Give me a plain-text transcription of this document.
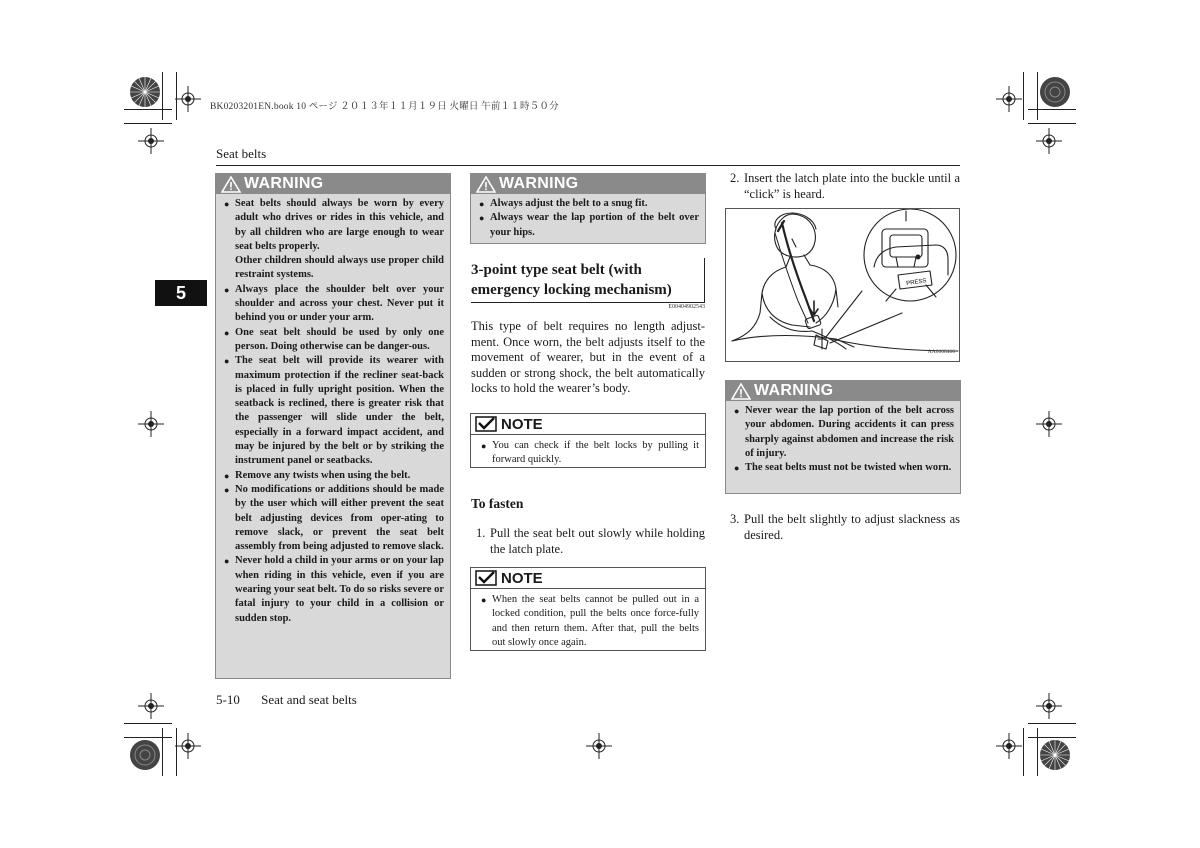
BK0203201EN.book 10 ページ ２０１３年１１月１９日 火曜日 午前１１時５０分
Seat belts
5
WARNING
● Seat belts should always be worn by every adult who drives or rides in this vehicle, and by all children who are large enough to wear seat belts properly.
Other children should always use proper child restraint systems.
● Always place the shoulder belt over your shoulder and across your chest. Never put it behind you or under your arm.
● One seat belt should be used by only one person. Doing otherwise can be danger-ous.
● The seat belt will provide its wearer with maximum protection if the recliner seat-back is placed in fully upright position. When the seatback is reclined, there is greater risk that the passenger will slide under the belt, especially in a forward impact accident, and may be injured by the belt or by striking the instrument panel or seatbacks.
● Remove any twists when using the belt.
● No modifications or additions should be made by the user which will either prevent the seat belt adjusting devices from oper-ating to remove slack, or prevent the seat belt assembly from being adjusted to remove slack.
● Never hold a child in your arms or on your lap when riding in this vehicle, even if you are wearing your seat belt. To do so risks severe or fatal injury to your child in a collision or sudden stop.
WARNING
● Always adjust the belt to a snug fit.
● Always wear the lap portion of the belt over your hips.
3-point type seat belt (with
emergency locking mechanism)
E00404902543
This type of belt requires no length adjust-ment. Once worn, the belt adjusts itself to the movement of wearer, but in the event of a sudden or strong shock, the belt automatically locks to hold the wearer’s body.
NOTE
● You can check if the belt locks by pulling it forward quickly.
To fasten
1. Pull the seat belt out slowly while holding the latch plate.
NOTE
● When the seat belts cannot be pulled out in a locked condition, pull the belts once force-fully and then return them. After that, pull the belts out slowly once again.
2. Insert the latch plate into the buckle until a “click” is heard.
PRESS
AA0008466
WARNING
● Never wear the lap portion of the belt across your abdomen. During accidents it can press sharply against abdomen and increase the risk of injury.
● The seat belts must not be twisted when worn.
3. Pull the belt slightly to adjust slackness as desired.
5-10 Seat and seat belts
